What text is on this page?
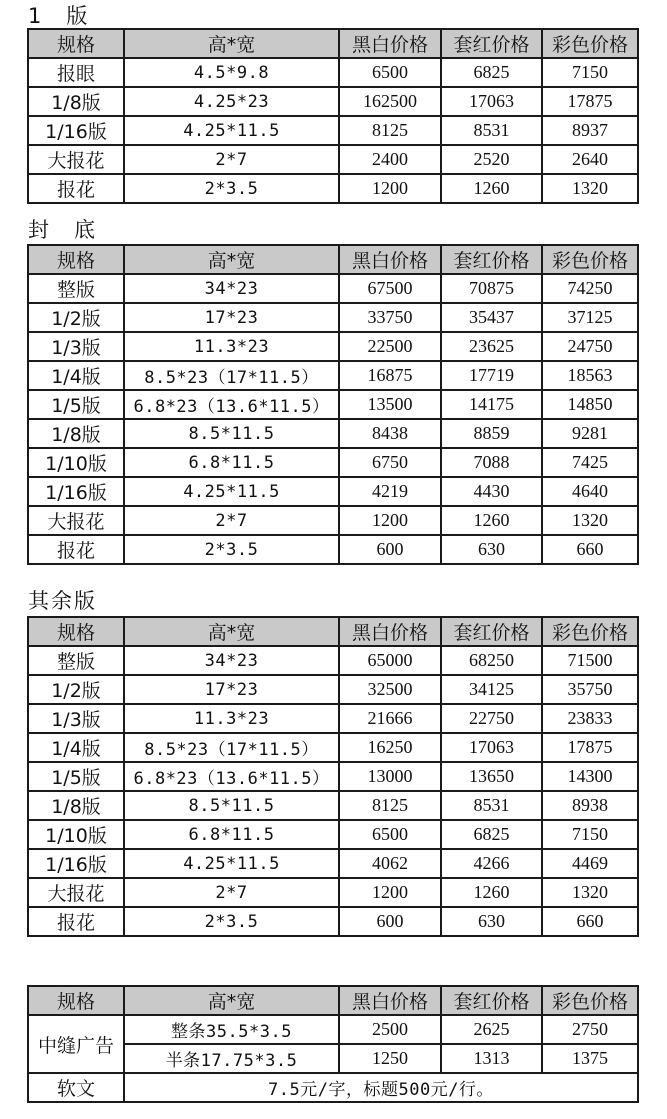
1　版
规格	高*宽	黑白价格	套红价格	彩色价格
报眼	4.5*9.8	6500	6825	7150
1/8版	4.25*23	162500	17063	17875
1/16版	4.25*11.5	8125	8531	8937
大报花	2*7	2400	2520	2640
报花	2*3.5	1200	1260	1320
封　底
规格	高*宽	黑白价格	套红价格	彩色价格
整版	34*23	67500	70875	74250
1/2版	17*23	33750	35437	37125
1/3版	11.3*23	22500	23625	24750
1/4版	8.5*23（17*11.5）	16875	17719	18563
1/5版	6.8*23（13.6*11.5）	13500	14175	14850
1/8版	8.5*11.5	8438	8859	9281
1/10版	6.8*11.5	6750	7088	7425
1/16版	4.25*11.5	4219	4430	4640
大报花	2*7	1200	1260	1320
报花	2*3.5	600	630	660
其余版
规格	高*宽	黑白价格	套红价格	彩色价格
整版	34*23	65000	68250	71500
1/2版	17*23	32500	34125	35750
1/3版	11.3*23	21666	22750	23833
1/4版	8.5*23（17*11.5）	16250	17063	17875
1/5版	6.8*23（13.6*11.5）	13000	13650	14300
1/8版	8.5*11.5	8125	8531	8938
1/10版	6.8*11.5	6500	6825	7150
1/16版	4.25*11.5	4062	4266	4469
大报花	2*7	1200	1260	1320
报花	2*3.5	600	630	660
规格	高*宽	黑白价格	套红价格	彩色价格
中缝广告	整条35.5*3.5	2500	2625	2750
	半条17.75*3.5	1250	1313	1375
软文	7.5元/字，标题500元/行。			
